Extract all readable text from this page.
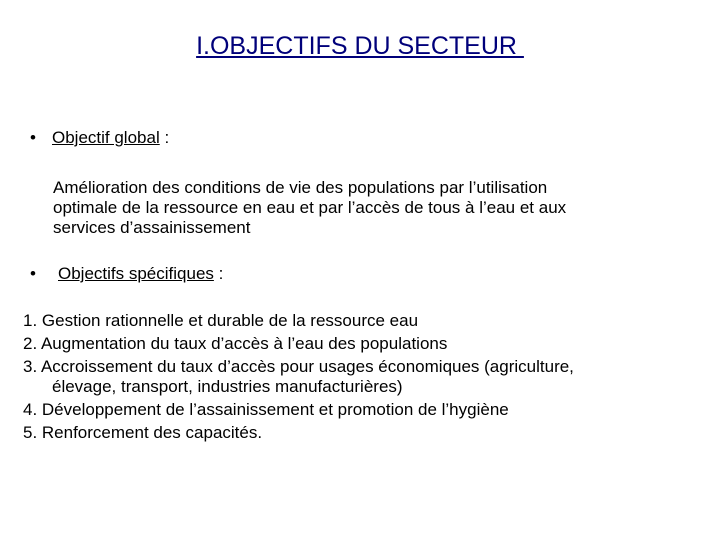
I.OBJECTIFS DU SECTEUR
• Objectif global :
Amélioration des conditions de vie des populations par l’utilisation
optimale de la ressource en eau et par l’accès de tous à l’eau et aux
services d’assainissement
• Objectifs spécifiques :
1. Gestion rationnelle et durable de la ressource eau
2. Augmentation du taux d’accès à l’eau des populations
3. Accroissement du taux d’accès pour usages économiques (agriculture,
élevage, transport, industries manufacturières)
4. Développement de l’assainissement et promotion de l’hygiène
5. Renforcement des capacités.
